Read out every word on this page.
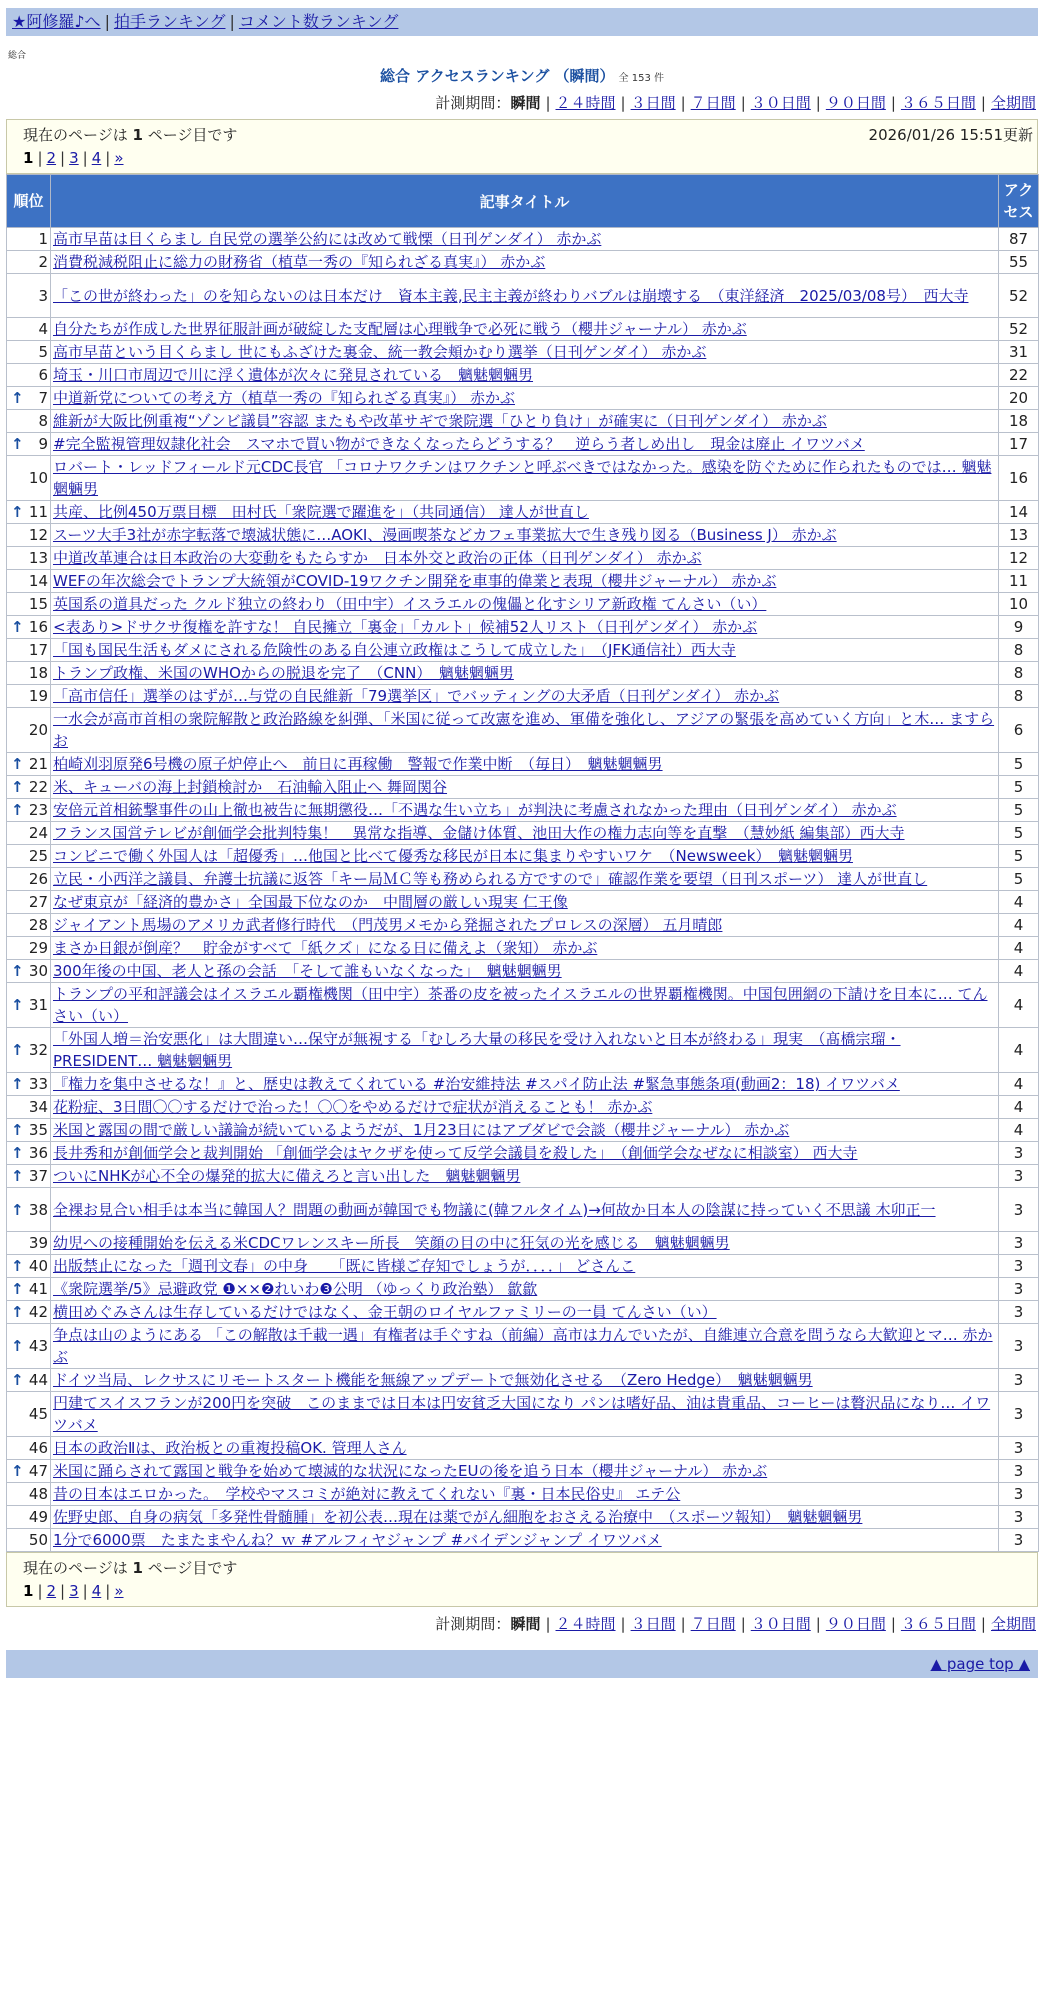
★阿修羅♪へ | 拍手ランキング | コメント数ランキング
総合
総合 アクセスランキング （瞬間） 全 153 件
計測期間：瞬間 | ２４時間 | ３日間 | ７日間 | ３０日間 | ９０日間 | ３６５日間 | 全期間
現在のページは 1 ページ目です	2026/01/26 15:51更新
1 | 2 | 3 | 4 | »
順位	記事タイトル	アク
セス
1	高市早苗は目くらまし 自民党の選挙公約には改めて戦慄（日刊ゲンダイ） 赤かぶ	87
2	消費税減税阻止に総力の財務省（植草一秀の『知られざる真実』） 赤かぶ	55
3	「この世が終わった」のを知らないのは日本だけ　資本主義,民主主義が終わりバブルは崩壊する　（東洋経済　2025/03/08号）　西大寺	52
4	自分たちが作成した世界征服計画が破綻した支配層は心理戦争で必死に戦う（櫻井ジャーナル） 赤かぶ	52
5	高市早苗という目くらまし 世にもふざけた裏金、統一教会頬かむり選挙（日刊ゲンダイ） 赤かぶ	31
6	埼玉・川口市周辺で川に浮く遺体が次々に発見されている　魑魅魍魎男	22

↑ 7	中道新党についての考え方（植草一秀の『知られざる真実』） 赤かぶ	20
8	維新が大阪比例重複“ゾンビ議員”容認 またもや改革サギで衆院選「ひとり負け」が確実に（日刊ゲンダイ） 赤かぶ	18

↑ 9	#完全監視管理奴隷化社会　スマホで買い物ができなくなったらどうする？　逆らう者しめ出し　現金は廃止 イワツバメ	17
10	ロバート・レッドフィールド元CDC長官 「コロナワクチンはワクチンと呼ぶべきではなかった。感染を防ぐために作られたものでは… 魑魅魍魎男	16

↑ 11	共産、比例450万票目標　田村氏「衆院選で躍進を」（共同通信） 達人が世直し	14
12	スーツ大手3社が赤字転落で壊滅状態に…AOKI、漫画喫茶などカフェ事業拡大で生き残り図る（Business J） 赤かぶ	13
13	中道改革連合は日本政治の大変動をもたらすか　日本外交と政治の正体（日刊ゲンダイ） 赤かぶ	12
14	WEFの年次総会でトランプ大統領がCOVID-19ワクチン開発を車事的偉業と表現（櫻井ジャーナル） 赤かぶ	11
15	英国系の道具だった クルド独立の終わり（田中宇）イスラエルの傀儡と化すシリア新政権 てんさい（い）	10

↑ 16	<表あり>ドサクサ復権を許すな！ 自民擁立「裏金」「カルト」候補52人リスト（日刊ゲンダイ） 赤かぶ	9
17	「国も国民生活もダメにされる危険性のある自公連立政権はこうして成立した」　（JFK通信社）西大寺	8
18	トランプ政権、米国のWHOからの脱退を完了　（CNN）　魑魅魍魎男	8
19	「高市信任」選挙のはずが…与党の自民維新「79選挙区」でバッティングの大矛盾（日刊ゲンダイ） 赤かぶ	8
20	一水会が高市首相の衆院解散と政治路線を糾弾、「米国に従って改憲を進め、軍備を強化し、アジアの緊張を高めていく方向」と木… ますらお	6

↑ 21	柏崎刈羽原発6号機の原子炉停止へ　前日に再稼働　警報で作業中断　（毎日）　魑魅魍魎男	5

↑ 22	米、キューバの海上封鎖検討か　石油輸入阻止へ 舞岡関谷	5

↑ 23	安倍元首相銃撃事件の山上徹也被告に無期懲役…「不遇な生い立ち」が判決に考慮されなかった理由（日刊ゲンダイ） 赤かぶ	5
24	フランス国営テレビが創価学会批判特集！　異常な指導、金儲け体質、池田大作の権力志向等を直撃　（慧妙紙 編集部）西大寺	5
25	コンビニで働く外国人は「超優秀」…他国と比べて優秀な移民が日本に集まりやすいワケ　（Newsweek）　魑魅魍魎男	5
26	立民・小西洋之議員、弁護士抗議に返答「キー局ＭＣ等も務められる方ですので」確認作業を要望（日刊スポーツ） 達人が世直し	5
27	なぜ東京が「経済的豊かさ」全国最下位なのか　中間層の厳しい現実 仁王像	4
28	ジャイアント馬場のアメリカ武者修行時代　（門茂男メモから発掘されたプロレスの深層） 五月晴郎	4
29	まさか日銀が倒産？　貯金がすべて「紙クズ」になる日に備えよ（衆知） 赤かぶ	4

↑ 30	300年後の中国、老人と孫の会話　「そして誰もいなくなった」　魑魅魍魎男	4

↑ 31	トランプの平和評議会はイスラエル覇権機関（田中宇）茶番の皮を被ったイスラエルの世界覇権機関。中国包囲網の下請けを日本に… てんさい（い）	4

↑ 32	「外国人増＝治安悪化」は大間違い…保守が無視する「むしろ大量の移民を受け入れないと日本が終わる」現実　（髙橋宗瑠・PRESIDENT… 魑魅魍魎男	4

↑ 33	『権力を集中させるな！』と、歴史は教えてくれている #治安維持法 #スパイ防止法 #緊急事態条項(動画2：18) イワツバメ	4
34	花粉症、3日間〇〇するだけで治った！〇〇をやめるだけで症状が消えることも！ 赤かぶ	4

↑ 35	米国と露国の間で厳しい議論が続いているようだが、1月23日にはアブダビで会談（櫻井ジャーナル） 赤かぶ	4

↑ 36	長井秀和が創価学会と裁判開始 「創価学会はヤクザを使って反学会議員を殺した」　（創価学会なぜなに相談室） 西大寺	3

↑ 37	ついにNHKが心不全の爆発的拡大に備えろと言い出した　魑魅魍魎男	3

↑ 38	全裸お見合い相手は本当に韓国人？問題の動画が韓国でも物議に(韓フルタイム)→何故か日本人の陰謀に持っていく不思議 木卯正一	3
39	幼児への接種開始を伝える米CDCワレンスキー所長　笑顔の目の中に狂気の光を感じる　魑魅魍魎男	3

↑ 40	出版禁止になった「週刊文春」の中身　　「既に皆様ご存知でしょうが．．．．」 どさんこ	3

↑ 41	《衆院選挙/5》忌避政党 ❶××❷れいわ❸公明 （ゆっくり政治塾） 歙歙	3

↑ 42	横田めぐみさんは生存しているだけではなく、金王朝のロイヤルファミリーの一員 てんさい（い）	3

↑ 43	争点は山のようにある 「この解散は千載一遇」有権者は手ぐすね（前編）高市は力んでいたが、自維連立合意を問うなら大歓迎とマ… 赤かぶ	3

↑ 44	ドイツ当局、レクサスにリモートスタート機能を無線アップデートで無効化させる　（Zero Hedge）　魑魅魍魎男	3
45	円建てスイスフランが200円を突破　このままでは日本は円安貧乏大国になり パンは嗜好品、油は貴重品、コーヒーは贅沢品になり… イワツバメ	3
46	日本の政治Ⅱは、政治板との重複投稿OK. 管理人さん	3

↑ 47	米国に踊らされて露国と戦争を始めて壊滅的な状況になったEUの後を追う日本（櫻井ジャーナル） 赤かぶ	3
48	昔の日本はエロかった。　学校やマスコミが絶対に教えてくれない『裏・日本民俗史』 エテ公	3
49	佐野史郎、自身の病気「多発性骨髄腫」を初公表…現在は薬でがん細胞をおさえる治療中　（スポーツ報知）　魑魅魍魎男	3
50	1分で6000票　たまたまやんね？ｗ #アルフィヤジャンプ #バイデンジャンプ イワツバメ	3
現在のページは 1 ページ目です
1 | 2 | 3 | 4 | »
計測期間：瞬間 | ２４時間 | ３日間 | ７日間 | ３０日間 | ９０日間 | ３６５日間 | 全期間
▲ page top ▲
